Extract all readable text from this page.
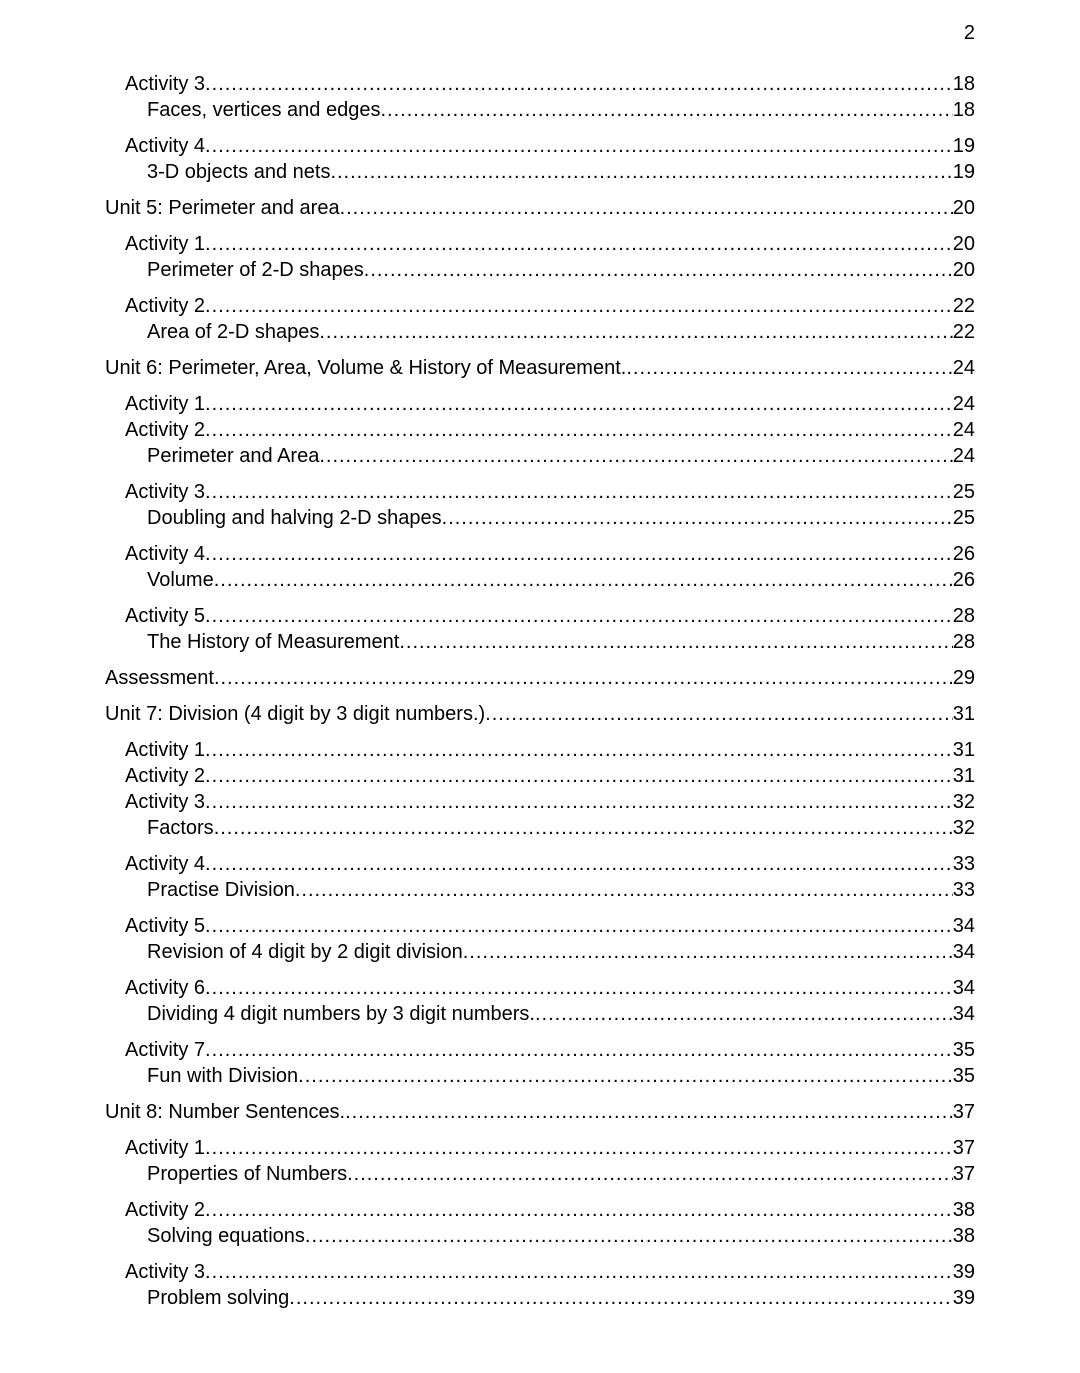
2
Activity 3 .....	18
Faces, vertices and edges .....	18
Activity 4 .....	19
3-D objects and nets .....	19
Unit 5: Perimeter and area .....	20
Activity 1 .....	20
Perimeter of 2-D shapes .....	20
Activity 2 .....	22
Area of 2-D shapes .....	22
Unit 6: Perimeter, Area, Volume & History of Measurement. .....	24
Activity 1 .....	24
Activity 2 .....	24
Perimeter and Area .....	24
Activity 3 .....	25
Doubling and halving 2-D shapes .....	25
Activity 4 .....	26
Volume .....	26
Activity 5 .....	28
The History of Measurement .....	28
Assessment .....	29
Unit 7: Division (4 digit by 3 digit numbers.) .....	31
Activity 1 .....	31
Activity 2 .....	31
Activity 3 .....	32
Factors .....	32
Activity 4 .....	33
Practise Division .....	33
Activity 5 .....	34
Revision of 4 digit by 2 digit division .....	34
Activity 6 .....	34
Dividing 4 digit numbers by 3 digit numbers. .....	34
Activity 7 .....	35
Fun with Division .....	35
Unit 8: Number Sentences. .....	37
Activity 1 .....	37
Properties of Numbers .....	37
Activity 2 .....	38
Solving equations .....	38
Activity 3 .....	39
Problem solving .....	39
